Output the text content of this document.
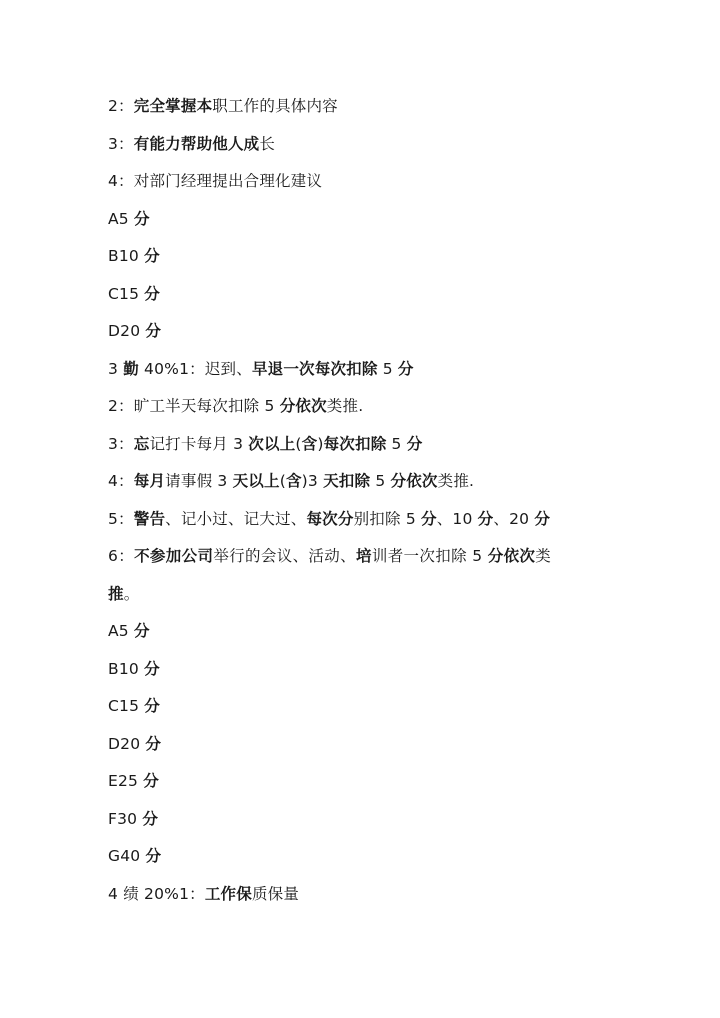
2：完全掌握本职工作的具体内容
3：有能力帮助他人成长
4：对部门经理提出合理化建议
A5 分
B10 分
C15 分
D20 分
3 勤 40%1：迟到、早退一次每次扣除 5 分
2：旷工半天每次扣除 5 分依次类推.
3：忘记打卡每月 3 次以上(含)每次扣除 5 分
4：每月请事假 3 天以上(含)3 天扣除 5 分依次类推.
5：警告、记小过、记大过、每次分别扣除 5 分、10 分、20 分
6：不参加公司举行的会议、活动、培训者一次扣除 5 分依次类
推。
A5 分
B10 分
C15 分
D20 分
E25 分
F30 分
G40 分
4 绩 20%1：工作保质保量
